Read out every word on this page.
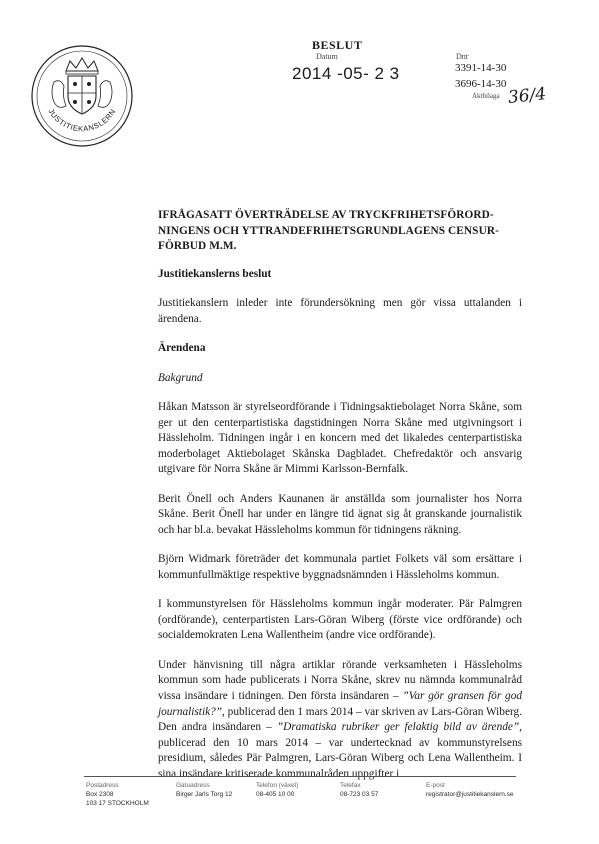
JUSTITIEKANSLERN
BESLUT
Datum
2014 -05- 2 3
Dnr
3391-14-30
3696-14-30
Aktbilaga 36/4
IFRÅGASATT ÖVERTRÄDELSE AV TRYCKFRIHETSFÖRORD-NINGENS OCH YTTRANDEFRIHETSGRUNDLAGENS CENSUR-FÖRBUD M.M.

Justitiekanslerns beslut

Justitiekanslern inleder inte förundersökning men gör vissa uttalanden i ärendena.

Ärendena

Bakgrund

Håkan Matsson är styrelseordförande i Tidningsaktiebolaget Norra Skåne, som ger ut den centerpartistiska dagstidningen Norra Skåne med utgivningsort i Hässleholm. Tidningen ingår i en koncern med det likaledes centerpartistiska moderbolaget Aktiebolaget Skånska Dagbladet. Chefredaktör och ansvarig utgivare för Norra Skåne är Mimmi Karlsson-Bernfalk.

Berit Önell och Anders Kaunanen är anställda som journalister hos Norra Skåne. Berit Önell har under en längre tid ägnat sig åt granskande journalistik och har bl.a. bevakat Hässleholms kommun för tidningens räkning.

Björn Widmark företräder det kommunala partiet Folkets väl som ersättare i kommunfullmäktige respektive byggnadsnämnden i Hässleholms kommun.

I kommunstyrelsen för Hässleholms kommun ingår moderater. Pär Palmgren (ordförande), centerpartisten Lars-Göran Wiberg (förste vice ordförande) och socialdemokraten Lena Wallentheim (andre vice ordförande).

Under hänvisning till några artiklar rörande verksamheten i Hässleholms kommun som hade publicerats i Norra Skåne, skrev nu nämnda kommunalråd vissa insändare i tidningen. Den första insändaren – ”Var gör gransen för god journalistik?”, publicerad den 1 mars 2014 – var skriven av Lars-Göran Wiberg. Den andra insändaren – ”Dramatiska rubriker ger felaktig bild av ärende”, publicerad den 10 mars 2014 – var undertecknad av kommunstyrelsens presidium, således Pär Palmgren, Lars-Göran Wiberg och Lena Wallentheim. I sina insändare kritiserade kommunalråden uppgifter i

Postadress
Box 2308
103 17 STOCKHOLM
Gatuadress
Birger Jarls Torg 12
Telefon (växel)
08-405 10 00
Telefax
08-723 03 57
E-post
registrator@justitiekanslern.se
